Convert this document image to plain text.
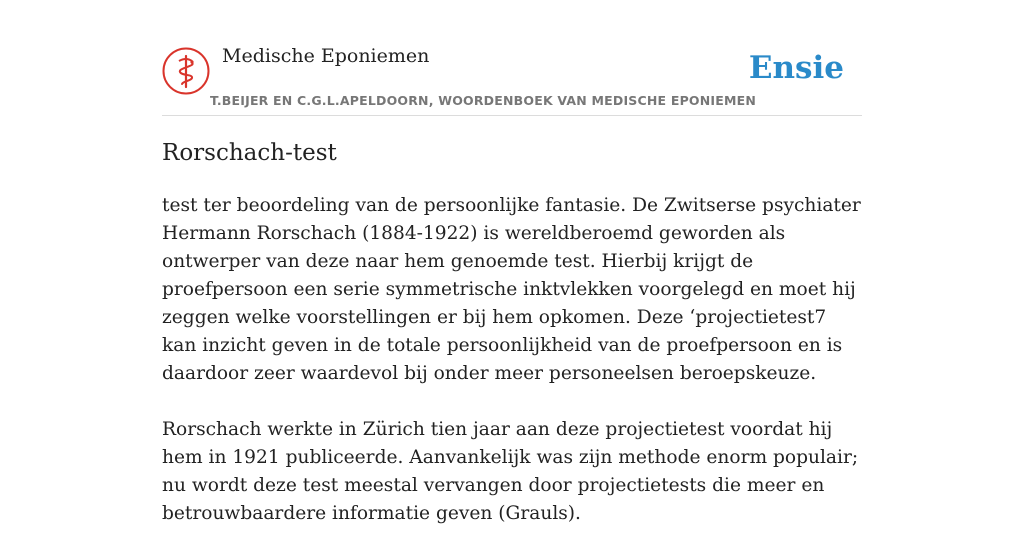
Medische Eponiemen
T.BEIJER EN C.G.L.APELDOORN, WOORDENBOEK VAN MEDISCHE EPONIEMEN
Ensie
Rorschach-test

test ter beoordeling van de persoonlijke fantasie. De Zwitserse psychiater Hermann Rorschach (1884-1922) is wereldberoemd geworden als ontwerper van deze naar hem genoemde test. Hierbij krijgt de proefpersoon een serie symmetrische inktvlekken voorgelegd en moet hij zeggen welke voorstellingen er bij hem opkomen. Deze ‘projectietest7 kan inzicht geven in de totale persoonlijkheid van de proefpersoon en is daardoor zeer waardevol bij onder meer personeelsen beroepskeuze.

Rorschach werkte in Zürich tien jaar aan deze projectietest voordat hij hem in 1921 publiceerde. Aanvankelijk was zijn methode enorm populair; nu wordt deze test meestal vervangen door projectietests die meer en betrouwbaardere informatie geven (Grauls).
